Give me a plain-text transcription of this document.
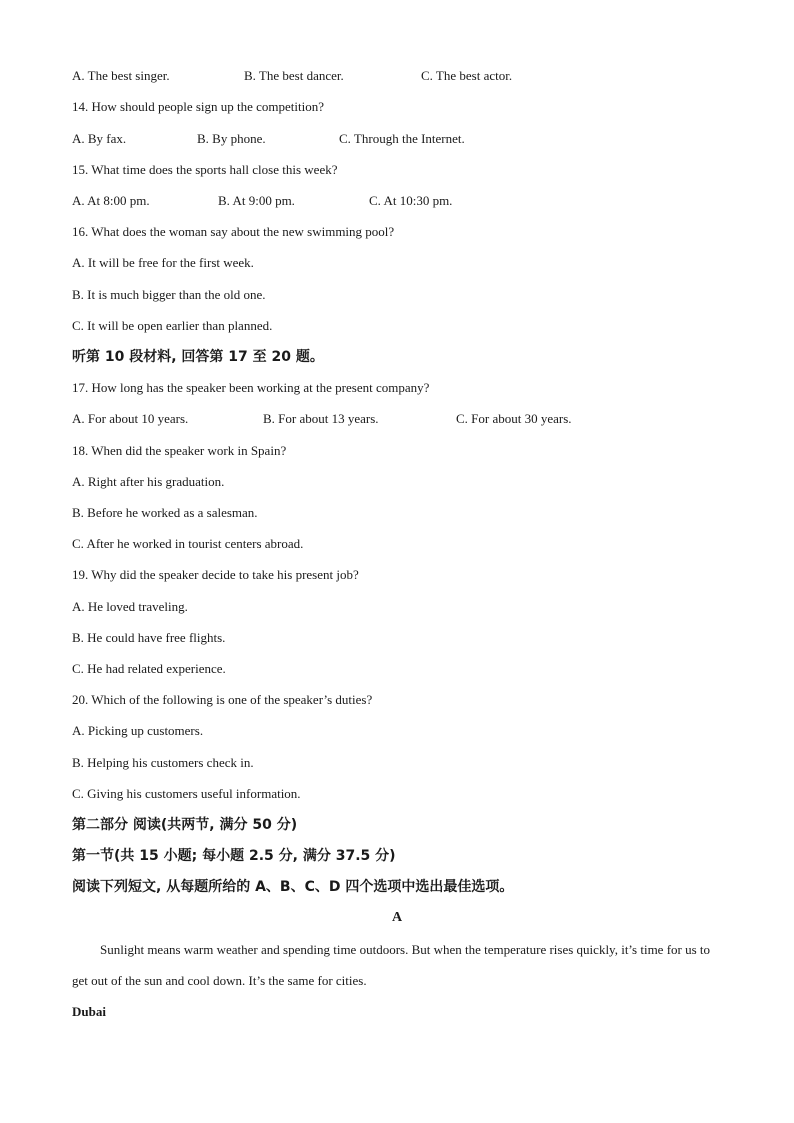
A. The best singer.	B. The best dancer.	C. The best actor.
14. How should people sign up the competition?
A. By fax.	B. By phone.	C. Through the Internet.
15. What time does the sports hall close this week?
A. At 8:00 pm.	B. At 9:00 pm.	C. At 10:30 pm.
16. What does the woman say about the new swimming pool?
A. It will be free for the first week.
B. It is much bigger than the old one.
C. It will be open earlier than planned.
听第 10 段材料, 回答第 17 至 20 题。
17. How long has the speaker been working at the present company?
A. For about 10 years.	B. For about 13 years.	C. For about 30 years.
18. When did the speaker work in Spain?
A. Right after his graduation.
B. Before he worked as a salesman.
C. After he worked in tourist centers abroad.
19. Why did the speaker decide to take his present job?
A. He loved traveling.
B. He could have free flights.
C. He had related experience.
20. Which of the following is one of the speaker’s duties?
A. Picking up customers.
B. Helping his customers check in.
C. Giving his customers useful information.
第二部分 阅读(共两节, 满分 50 分)
第一节(共 15 小题; 每小题 2.5 分, 满分 37.5 分)
阅读下列短文, 从每题所给的 A、B、C、D 四个选项中选出最佳选项。
A
Sunlight means warm weather and spending time outdoors. But when the temperature rises quickly, it’s time for us to get out of the sun and cool down. It’s the same for cities.
Dubai
